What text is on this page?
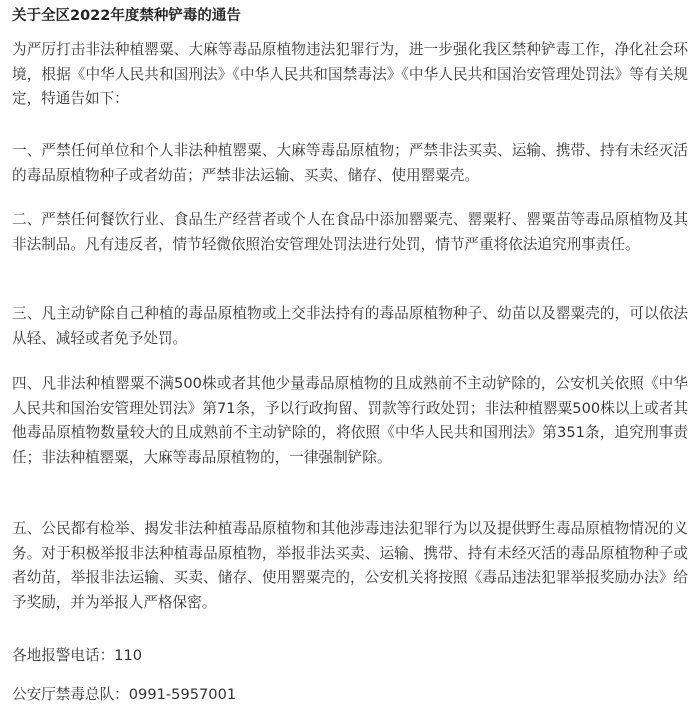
关于全区2022年度禁种铲毒的通告

为严厉打击非法种植罂粟、大麻等毒品原植物违法犯罪行为，进一步强化我区禁种铲毒工作，净化社会环境，根据《中华人民共和国刑法》《中华人民共和国禁毒法》《中华人民共和国治安管理处罚法》等有关规定，特通告如下：

一、严禁任何单位和个人非法种植罂粟、大麻等毒品原植物；严禁非法买卖、运输、携带、持有未经灭活的毒品原植物种子或者幼苗；严禁非法运输、买卖、储存、使用罂粟壳。

二、严禁任何餐饮行业、食品生产经营者或个人在食品中添加罂粟壳、罂粟籽、罂粟苗等毒品原植物及其非法制品。凡有违反者，情节轻微依照治安管理处罚法进行处罚，情节严重将依法追究刑事责任。

三、凡主动铲除自己种植的毒品原植物或上交非法持有的毒品原植物种子、幼苗以及罂粟壳的，可以依法从轻、减轻或者免予处罚。

四、凡非法种植罂粟不满500株或者其他少量毒品原植物的且成熟前不主动铲除的，公安机关依照《中华人民共和国治安管理处罚法》第71条，予以行政拘留、罚款等行政处罚；非法种植罂粟500株以上或者其他毒品原植物数量较大的且成熟前不主动铲除的，将依照《中华人民共和国刑法》第351条，追究刑事责任；非法种植罂粟，大麻等毒品原植物的，一律强制铲除。

五、公民都有检举、揭发非法种植毒品原植物和其他涉毒违法犯罪行为以及提供野生毒品原植物情况的义务。对于积极举报非法种植毒品原植物，举报非法买卖、运输、携带、持有未经灭活的毒品原植物种子或者幼苗，举报非法运输、买卖、储存、使用罂粟壳的，公安机关将按照《毒品违法犯罪举报奖励办法》给予奖励，并为举报人严格保密。

各地报警电话：110
公安厅禁毒总队：0991-5957001
